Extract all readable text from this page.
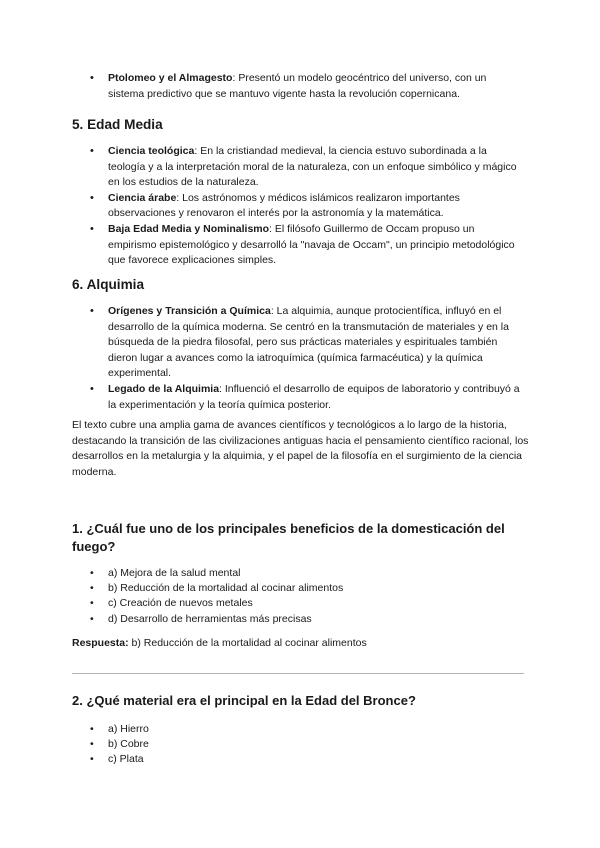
• Ptolomeo y el Almagesto: Presentó un modelo geocéntrico del universo, con un sistema predictivo que se mantuvo vigente hasta la revolución copernicana.
5. Edad Media
• Ciencia teológica: En la cristiandad medieval, la ciencia estuvo subordinada a la teología y a la interpretación moral de la naturaleza, con un enfoque simbólico y mágico en los estudios de la naturaleza.
• Ciencia árabe: Los astrónomos y médicos islámicos realizaron importantes observaciones y renovaron el interés por la astronomía y la matemática.
• Baja Edad Media y Nominalismo: El filósofo Guillermo de Occam propuso un empirismo epistemológico y desarrolló la "navaja de Occam", un principio metodológico que favorece explicaciones simples.
6. Alquimia
• Orígenes y Transición a Química: La alquimia, aunque protocientífica, influyó en el desarrollo de la química moderna. Se centró en la transmutación de materiales y en la búsqueda de la piedra filosofal, pero sus prácticas materiales y espirituales también dieron lugar a avances como la iatroquímica (química farmacéutica) y la química experimental.
• Legado de la Alquimia: Influenció el desarrollo de equipos de laboratorio y contribuyó a la experimentación y la teoría química posterior.

El texto cubre una amplia gama de avances científicos y tecnológicos a lo largo de la historia, destacando la transición de las civilizaciones antiguas hacia el pensamiento científico racional, los desarrollos en la metalurgia y la alquimia, y el papel de la filosofía en el surgimiento de la ciencia moderna.

1. ¿Cuál fue uno de los principales beneficios de la domesticación del fuego?
• a) Mejora de la salud mental
• b) Reducción de la mortalidad al cocinar alimentos
• c) Creación de nuevos metales
• d) Desarrollo de herramientas más precisas

Respuesta: b) Reducción de la mortalidad al cocinar alimentos

2. ¿Qué material era el principal en la Edad del Bronce?
• a) Hierro
• b) Cobre
• c) Plata
